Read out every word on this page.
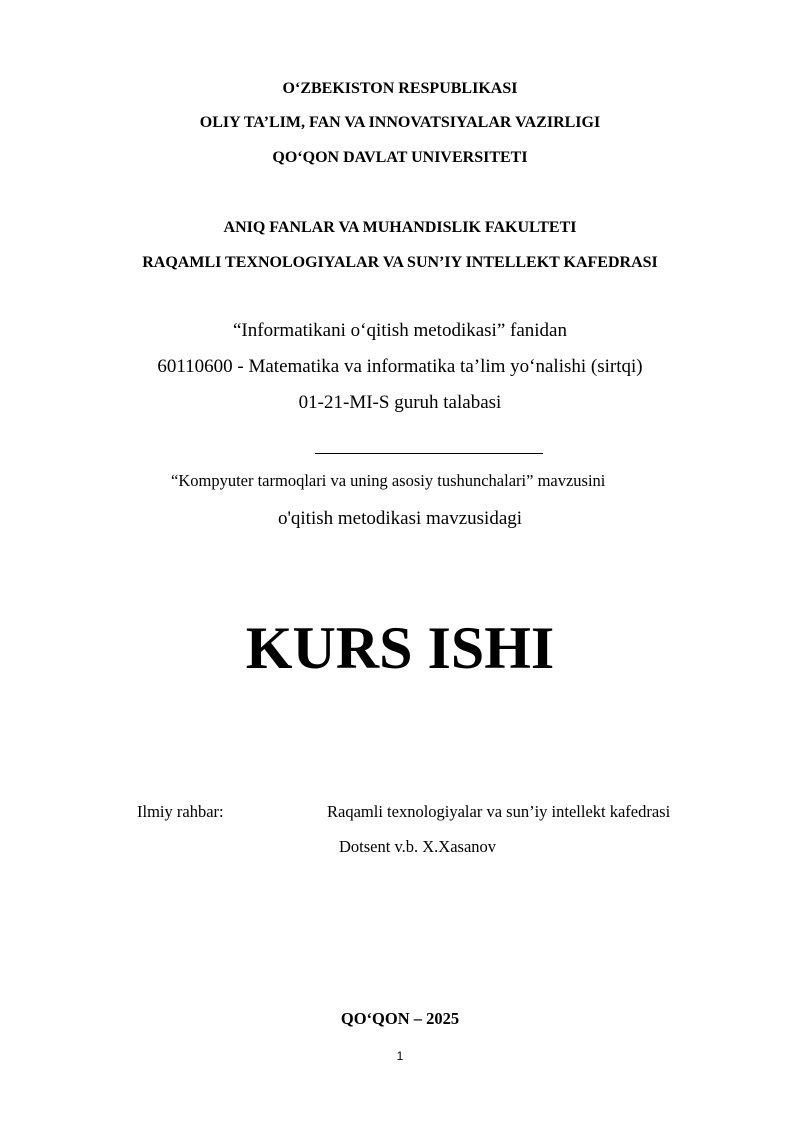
O‘ZBEKISTON RESPUBLIKASI
OLIY TA’LIM, FAN VA INNOVATSIYALAR VAZIRLIGI
QO‘QON DAVLAT UNIVERSITETI
ANIQ FANLAR VA MUHANDISLIK FAKULTETI
RAQAMLI TEXNOLOGIYALAR VA SUN’IY INTELLEKT KAFEDRASI
“Informatikani o‘qitish metodikasi” fanidan
60110600 - Matematika va informatika ta’lim yo‘nalishi (sirtqi)
01-21-MI-S guruh talabasi
“Kompyuter tarmoqlari va uning asosiy tushunchalari” mavzusini
o'qitish metodikasi mavzusidagi
KURS ISHI
Ilmiy rahbar:	Raqamli texnologiyalar va sun’iy intellekt kafedrasi
Dotsent v.b. X.Xasanov
QO‘QON – 2025
1
